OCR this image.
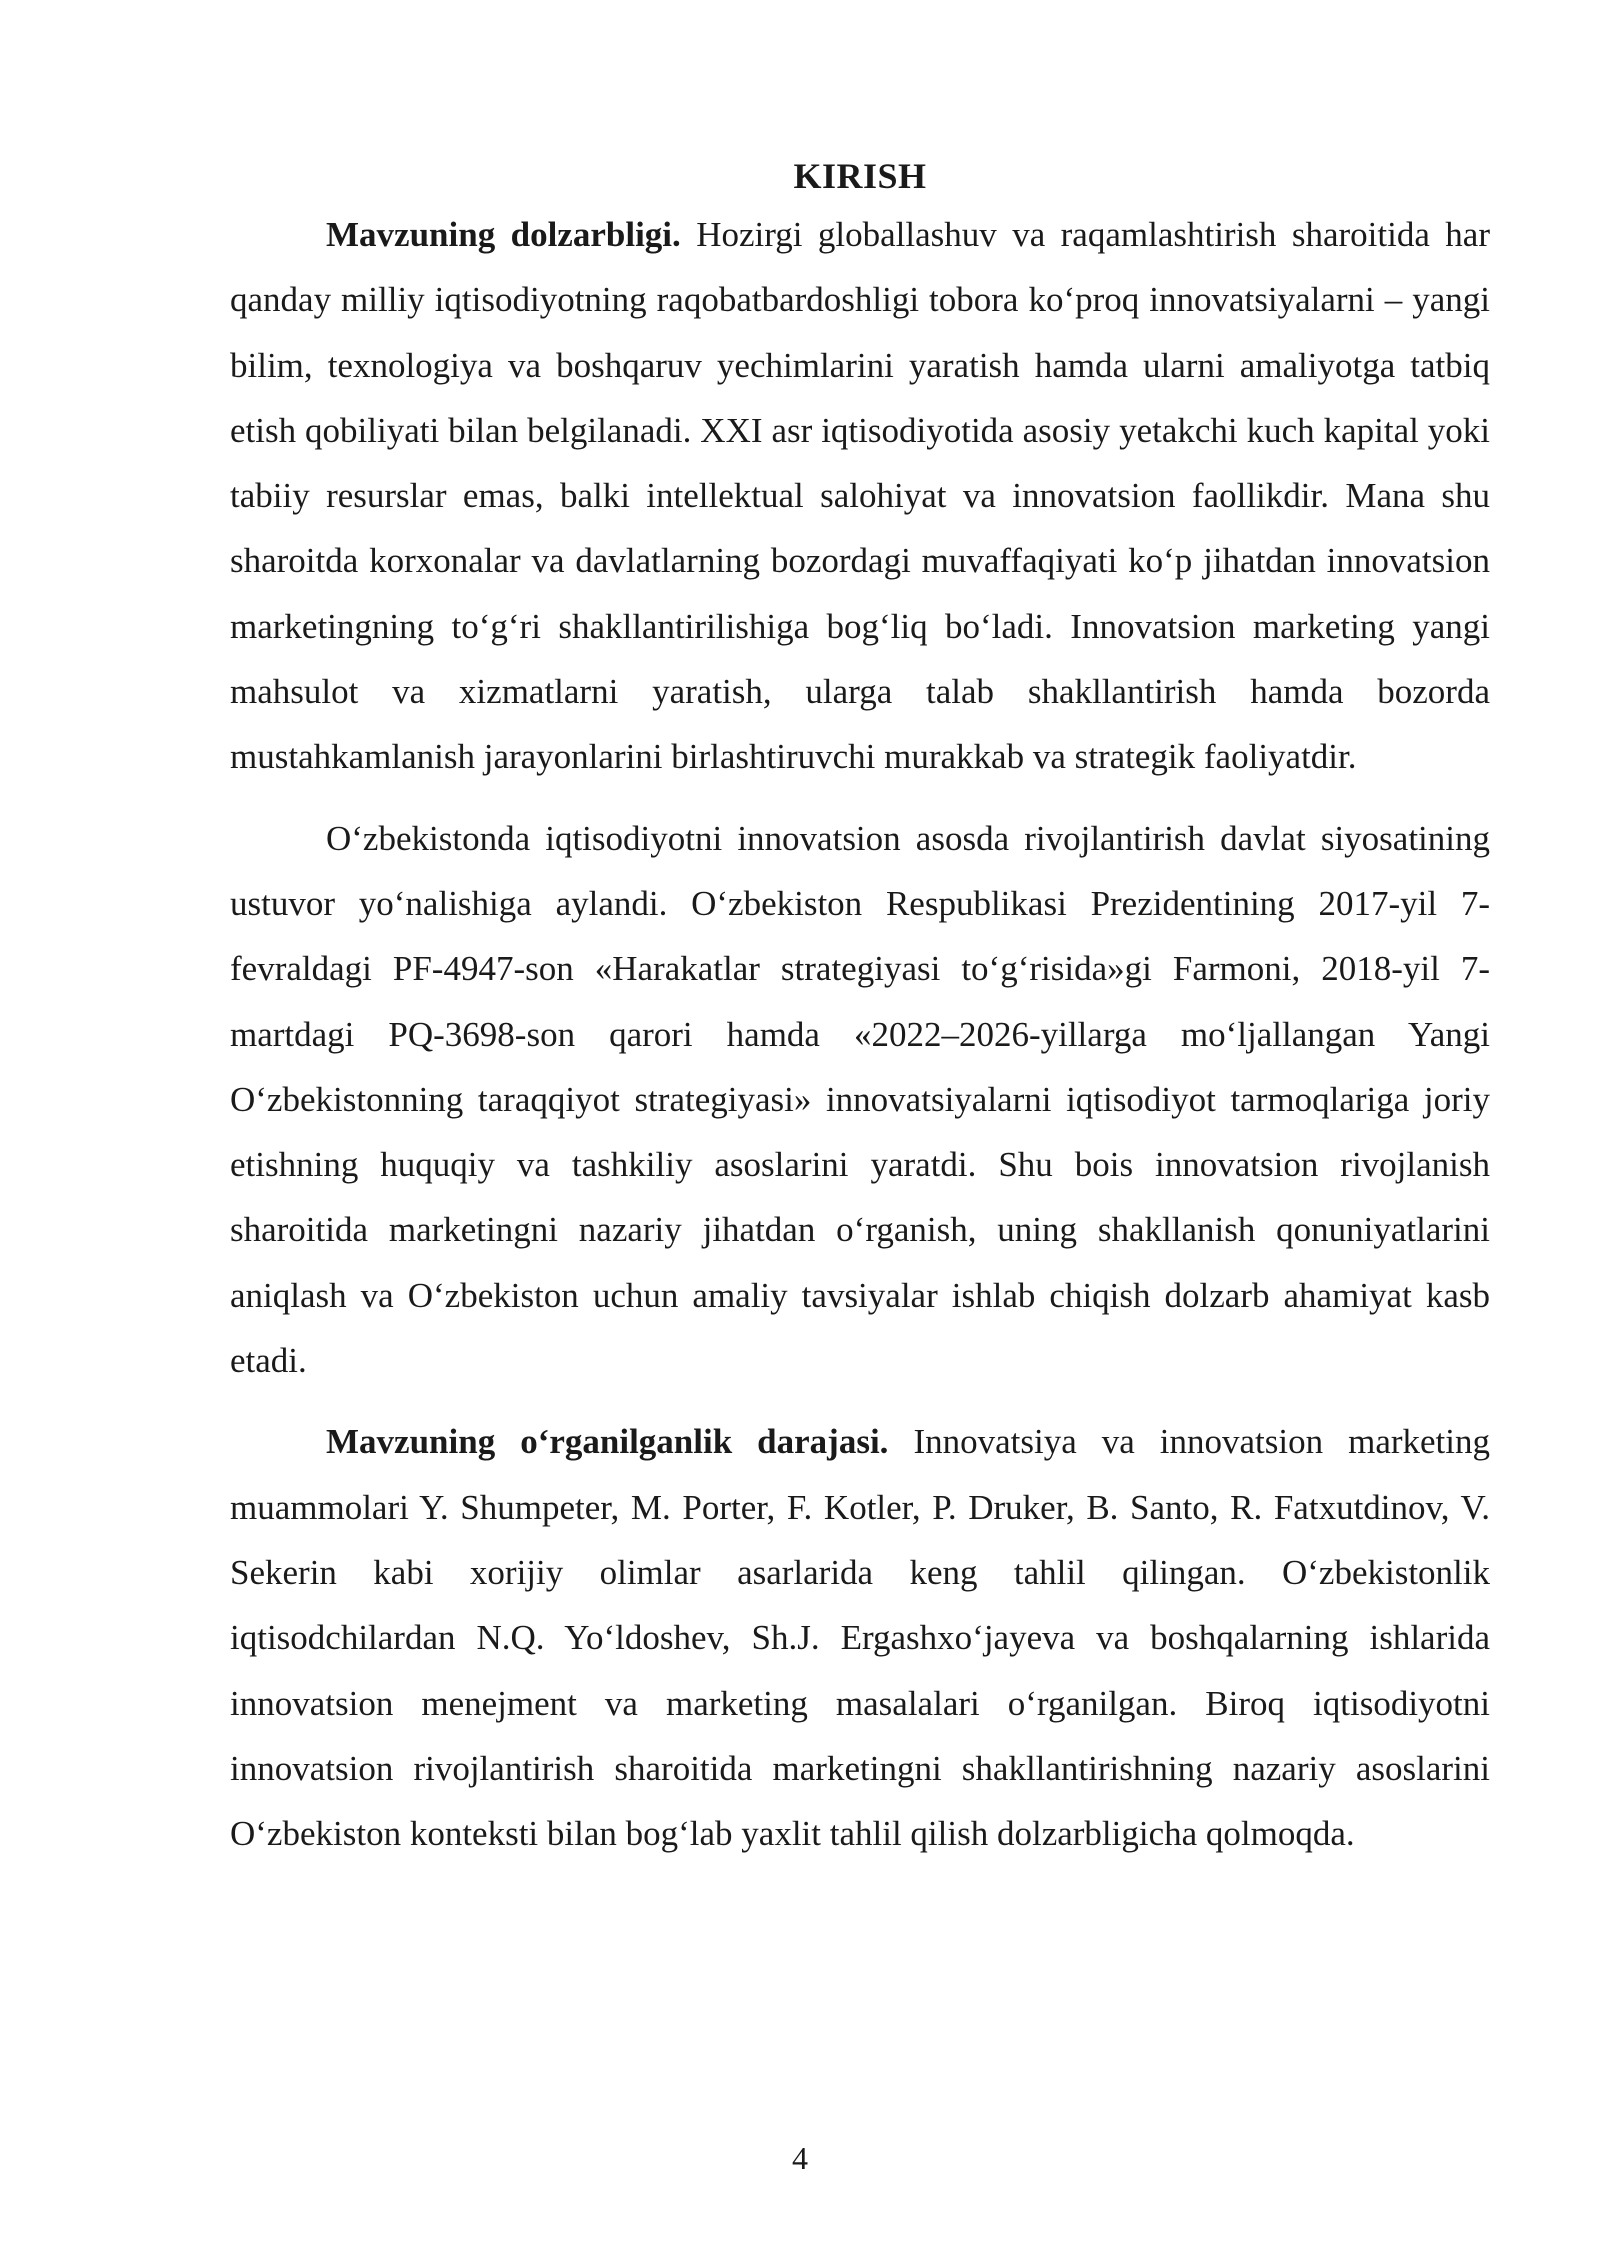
KIRISH

Mavzuning dolzarbligi. Hozirgi globallashuv va raqamlashtirish sharoitida har qanday milliy iqtisodiyotning raqobatbardoshligi tobora ko‘proq innovatsiyalarni – yangi bilim, texnologiya va boshqaruv yechimlarini yaratish hamda ularni amaliyotga tatbiq etish qobiliyati bilan belgilanadi. XXI asr iqtisodiyotida asosiy yetakchi kuch kapital yoki tabiiy resurslar emas, balki intellektual salohiyat va innovatsion faollikdir. Mana shu sharoitda korxonalar va davlatlarning bozordagi muvaffaqiyati ko‘p jihatdan innovatsion marketingning to‘g‘ri shakllantirilishiga bog‘liq bo‘ladi. Innovatsion marketing yangi mahsulot va xizmatlarni yaratish, ularga talab shakllantirish hamda bozorda mustahkamlanish jarayonlarini birlashtiruvchi murakkab va strategik faoliyatdir.

O‘zbekistonda iqtisodiyotni innovatsion asosda rivojlantirish davlat siyosatining ustuvor yo‘nalishiga aylandi. O‘zbekiston Respublikasi Prezidentining 2017-yil 7-fevraldagi PF-4947-son «Harakatlar strategiyasi to‘g‘risida»gi Farmoni, 2018-yil 7-martdagi PQ-3698-son qarori hamda «2022–2026-yillarga mo‘ljallangan Yangi O‘zbekistonning taraqqiyot strategiyasi» innovatsiyalarni iqtisodiyot tarmoqlariga joriy etishning huquqiy va tashkiliy asoslarini yaratdi. Shu bois innovatsion rivojlanish sharoitida marketingni nazariy jihatdan o‘rganish, uning shakllanish qonuniyatlarini aniqlash va O‘zbekiston uchun amaliy tavsiyalar ishlab chiqish dolzarb ahamiyat kasb etadi.

Mavzuning o‘rganilganlik darajasi. Innovatsiya va innovatsion marketing muammolari Y. Shumpeter, M. Porter, F. Kotler, P. Druker, B. Santo, R. Fatxutdinov, V. Sekerin kabi xorijiy olimlar asarlarida keng tahlil qilingan. O‘zbekistonlik iqtisodchilardan N.Q. Yo‘ldoshev, Sh.J. Ergashxo‘jayeva va boshqalarning ishlarida innovatsion menejment va marketing masalalari o‘rganilgan. Biroq iqtisodiyotni innovatsion rivojlantirish sharoitida marketingni shakllantirishning nazariy asoslarini O‘zbekiston konteksti bilan bog‘lab yaxlit tahlil qilish dolzarbligicha qolmoqda.

4
